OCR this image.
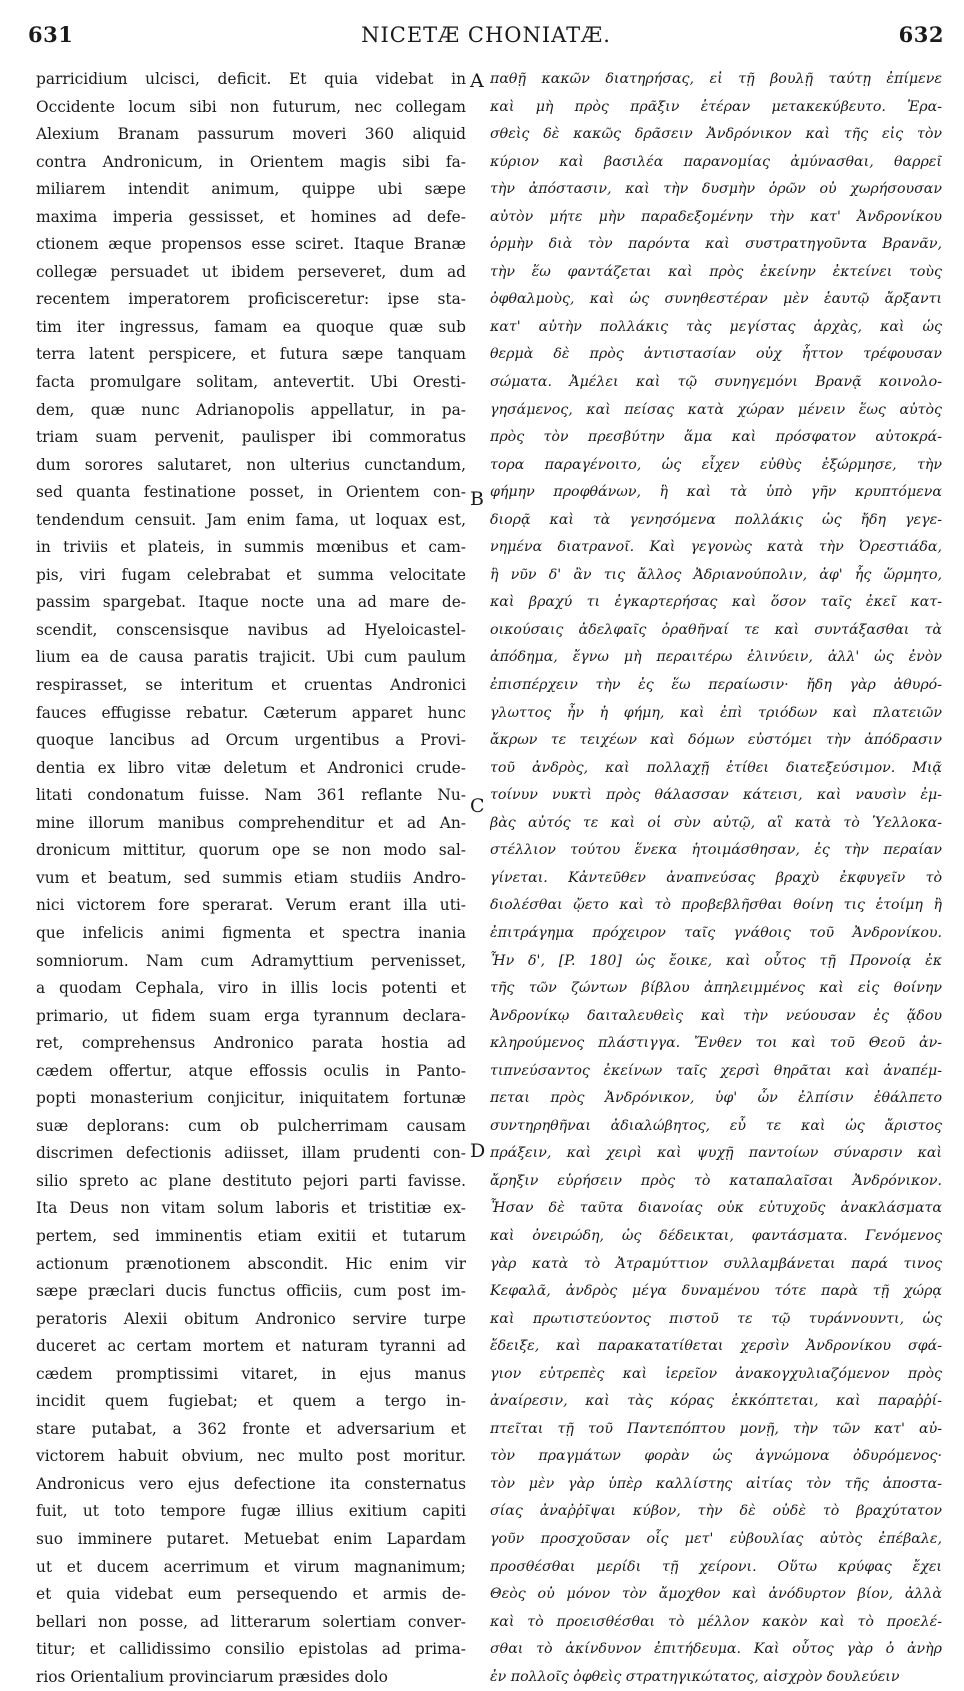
631	NICETÆ CHONIATÆ.	632
parricidium ulcisci, deficit. Et quia videbat in
Occidente locum sibi non futurum, nec collegam
Alexium Branam passurum moveri 360 aliquid
contra Andronicum, in Orientem magis sibi fa-
miliarem intendit animum, quippe ubi sæpe
maxima imperia gessisset, et homines ad defe-
ctionem æque propensos esse sciret. Itaque Branæ
collegæ persuadet ut ibidem perseveret, dum ad
recentem imperatorem proficisceretur: ipse sta-
tim iter ingressus, famam ea quoque quæ sub
terra latent perspicere, et futura sæpe tanquam
facta promulgare solitam, antevertit. Ubi Oresti-
dem, quæ nunc Adrianopolis appellatur, in pa-
triam suam pervenit, paulisper ibi commoratus
dum sorores salutaret, non ulterius cunctandum,
sed quanta festinatione posset, in Orientem con-
tendendum censuit. Jam enim fama, ut loquax est,
in triviis et plateis, in summis mœnibus et cam-
pis, viri fugam celebrabat et summa velocitate
passim spargebat. Itaque nocte una ad mare de-
scendit, conscensisque navibus ad Hyeloicastel-
lium ea de causa paratis trajicit. Ubi cum paulum
respirasset, se interitum et cruentas Andronici
fauces effugisse rebatur. Cæterum apparet hunc
quoque lancibus ad Orcum urgentibus a Provi-
dentia ex libro vitæ deletum et Andronici crude-
litati condonatum fuisse. Nam 361 reflante Nu-
mine illorum manibus comprehenditur et ad An-
dronicum mittitur, quorum ope se non modo sal-
vum et beatum, sed summis etiam studiis Andro-
nici victorem fore sperarat. Verum erant illa uti-
que infelicis animi figmenta et spectra inania
somniorum. Nam cum Adramyttium pervenisset,
a quodam Cephala, viro in illis locis potenti et
primario, ut fidem suam erga tyrannum declara-
ret, comprehensus Andronico parata hostia ad
cædem offertur, atque effossis oculis in Panto-
popti monasterium conjicitur, iniquitatem fortunæ
suæ deplorans: cum ob pulcherrimam causam
discrimen defectionis adiisset, illam prudenti con-
silio spreto ac plane destituto pejori parti favisse.
Ita Deus non vitam solum laboris et tristitiæ ex-
pertem, sed imminentis etiam exitii et tutarum
actionum prænotionem abscondit. Hic enim vir
sæpe præclari ducis functus officiis, cum post im-
peratoris Alexii obitum Andronico servire turpe
duceret ac certam mortem et naturam tyranni ad
cædem promptissimi vitaret, in ejus manus
incidit quem fugiebat; et quem a tergo in-
stare putabat, a 362 fronte et adversarium et
victorem habuit obvium, nec multo post moritur.
Andronicus vero ejus defectione ita consternatus
fuit, ut toto tempore fugæ illius exitium capiti
suo imminere putaret. Metuebat enim Lapardam
ut et ducem acerrimum et virum magnanimum;
et quia videbat eum persequendo et armis de-
bellari non posse, ad litterarum solertiam conver-
titur; et callidissimo consilio epistolas ad prima-
rios Orientalium provinciarum præsides dolo
A
B
C
D
παθῇ κακῶν διατηρήσας, εἰ τῇ βουλῇ ταύτῃ ἐπίμενε
καὶ μὴ πρὸς πρᾶξιν ἑτέραν μετακεκύβευτο. Ἐρα-
σθεὶς δὲ κακῶς δρᾶσειν Ἀνδρόνικον καὶ τῆς εἰς τὸν
κύριον καὶ βασιλέα παρανομίας ἀμύνασθαι, θαρρεῖ
τὴν ἀπόστασιν, καὶ τὴν δυσμὴν ὁρῶν οὐ χωρήσουσαν
αὐτὸν μήτε μὴν παραδεξομένην τὴν κατ' Ἀνδρονίκου
ὁρμὴν διὰ τὸν παρόντα καὶ συστρατηγοῦντα Βρανᾶν,
τὴν ἕω φαντάζεται καὶ πρὸς ἐκείνην ἐκτείνει τοὺς
ὀφθαλμοὺς, καὶ ὡς συνηθεστέραν μὲν ἑαυτῷ ἄρξαντι
κατ' αὐτὴν πολλάκις τὰς μεγίστας ἀρχὰς, καὶ ὡς
θερμὰ δὲ πρὸς ἀντιστασίαν οὐχ ἧττον τρέφουσαν
σώματα. Ἀμέλει καὶ τῷ συνηγεμόνι Βρανᾷ κοινολο-
γησάμενος, καὶ πείσας κατὰ χώραν μένειν ἕως αὐτὸς
πρὸς τὸν πρεσβύτην ἅμα καὶ πρόσφατον αὐτοκρά-
τορα παραγένοιτο, ὡς εἶχεν εὐθὺς ἐξώρμησε, τὴν
φήμην προφθάνων, ἣ καὶ τὰ ὑπὸ γῆν κρυπτόμενα
διορᾷ καὶ τὰ γενησόμενα πολλάκις ὡς ἤδη γεγε-
νημένα διατρανοῖ. Καὶ γεγονὼς κατὰ τὴν Ὀρεστιάδα,
ἣ νῦν δ' ἂν τις ἄλλος Ἀδριανούπολιν, ἀφ' ἧς ὥρμητο,
καὶ βραχύ τι ἐγκαρτερήσας καὶ ὅσον ταῖς ἐκεῖ κατ-
οικούσαις ἀδελφαῖς ὀραθῆναί τε καὶ συντάξασθαι τὰ
ἀπόδημα, ἔγνω μὴ περαιτέρω ἐλινύειν, ἀλλ' ὡς ἐνὸν
ἐπισπέρχειν τὴν ἐς ἕω περαίωσιν· ἤδη γὰρ ἀθυρό-
γλωττος ἦν ἡ φήμη, καὶ ἐπὶ τριόδων καὶ πλατειῶν
ἄκρων τε τειχέων καὶ δόμων εὐστόμει τὴν ἀπόδρασιν
τοῦ ἀνδρὸς, καὶ πολλαχῇ ἐτίθει διατεξεύσιμον. Μιᾷ
τοίνυν νυκτὶ πρὸς θάλασσαν κάτεισι, καὶ ναυσὶν ἐμ-
βὰς αὐτός τε καὶ οἱ σὺν αὐτῷ, αἳ κατὰ τὸ Ὑελλοκα-
στέλλιον τούτου ἕνεκα ἡτοιμάσθησαν, ἐς τὴν περαίαν
γίνεται. Κἀντεῦθεν ἀναπνεύσας βραχὺ ἐκφυγεῖν τὸ
διολέσθαι ᾤετο καὶ τὸ προβεβλῆσθαι θοίνη τις ἑτοίμη ἢ
ἐπιτράγημα πρόχειρον ταῖς γνάθοις τοῦ Ἀνδρονίκου.
Ἦν δ', [P. 180] ὡς ἔοικε, καὶ οὗτος τῇ Προνοίᾳ ἐκ
τῆς τῶν ζώντων βίβλου ἀπηλειμμένος καὶ εἰς θοίνην
Ἀνδρονίκῳ δαιταλευθεὶς καὶ τὴν νεύουσαν ἐς ᾅδου
κληρούμενος πλάστιγγα. Ἔνθεν τοι καὶ τοῦ Θεοῦ ἀν-
τιπνεύσαντος ἐκείνων ταῖς χερσὶ θηρᾶται καὶ ἀναπέμ-
πεται πρὸς Ἀνδρόνικον, ὑφ' ὧν ἐλπίσιν ἐθάλπετο
συντηρηθῆναι ἀδιαλώβητος, εὖ τε καὶ ὡς ἄριστος
πράξειν, καὶ χειρὶ καὶ ψυχῇ παντοίων σύναρσιν καὶ
ἄρηξιν εὑρήσειν πρὸς τὸ καταπαλαῖσαι Ἀνδρόνικον.
Ἦσαν δὲ ταῦτα διανοίας οὐκ εὐτυχοῦς ἀνακλάσματα
καὶ ὀνειρώδη, ὡς δέδεικται, φαντάσματα. Γενόμενος
γὰρ κατὰ τὸ Ἀτραμύττιον συλλαμβάνεται παρά τινος
Κεφαλᾶ, ἀνδρὸς μέγα δυναμένου τότε παρὰ τῇ χώρᾳ
καὶ πρωτιστεύοντος πιστοῦ τε τῷ τυράννουντι, ὡς
ἔδειξε, καὶ παρακατατίθεται χερσὶν Ἀνδρονίκου σφά-
γιον εὐτρεπὲς καὶ ἱερεῖον ἀνακογχυλιαζόμενον πρὸς
ἀναίρεσιν, καὶ τὰς κόρας ἐκκόπτεται, καὶ παραῤῥί-
πτεῖται τῇ τοῦ Παντεπόπτου μονῇ, τὴν τῶν κατ' αὐ-
τὸν πραγμάτων φορὰν ὡς ἀγνώμονα ὀδυρόμενος·
τὸν μὲν γὰρ ὑπὲρ καλλίστης αἰτίας τὸν τῆς ἀποστα-
σίας ἀναῤῥῖψαι κύβον, τὴν δὲ οὐδὲ τὸ βραχύτατον
γοῦν προσχοῦσαν οἷς μετ' εὐβουλίας αὐτὸς ἐπέβαλε,
προσθέσθαι μερίδι τῇ χείρονι. Οὕτω κρύφας ἔχει
Θεὸς οὐ μόνον τὸν ἄμοχθον καὶ ἀνόδυρτον βίον, ἀλλὰ
καὶ τὸ προεισθέσθαι τὸ μέλλον κακὸν καὶ τὸ προελέ-
σθαι τὸ ἀκίνδυνον ἐπιτήδευμα. Καὶ οὗτος γὰρ ὁ ἀνὴρ
ἐν πολλοῖς ὀφθεὶς στρατηγικώτατος, αἰσχρὸν δουλεύειν
